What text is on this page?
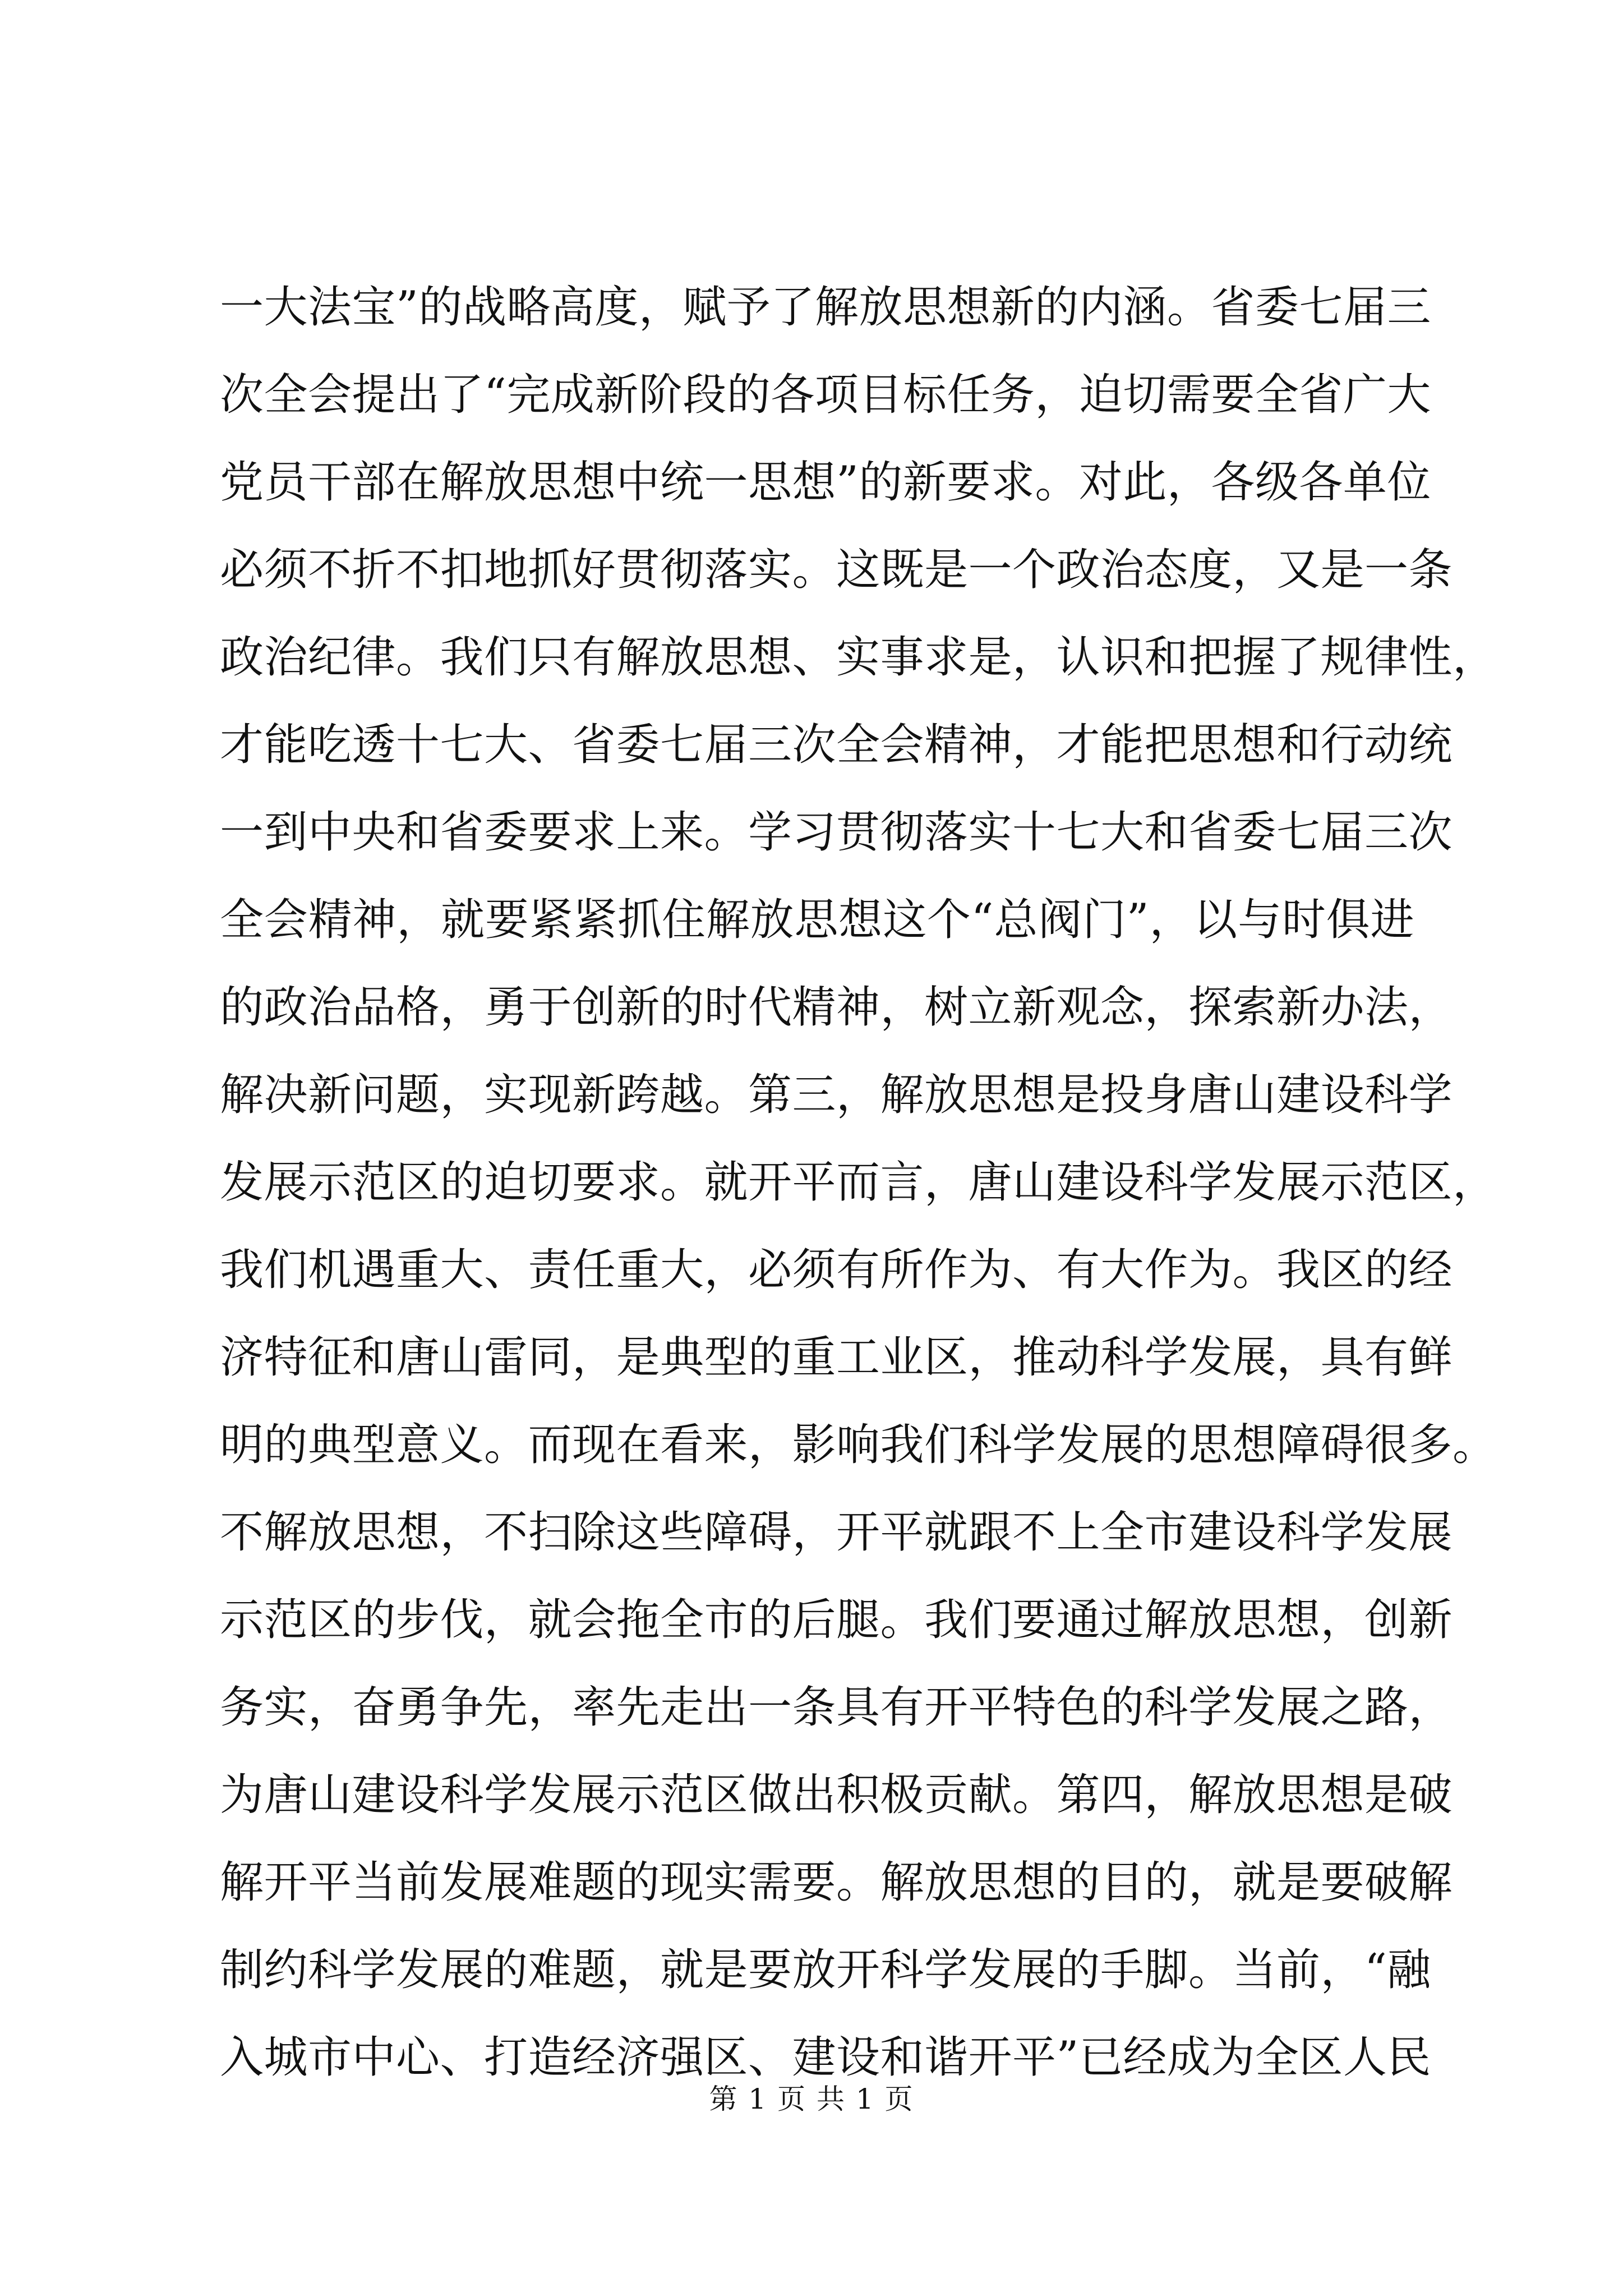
一大法宝”的战略高度，赋予了解放思想新的内涵。省委七届三
次全会提出了“完成新阶段的各项目标任务，迫切需要全省广大
党员干部在解放思想中统一思想”的新要求。对此，各级各单位
必须不折不扣地抓好贯彻落实。这既是一个政治态度，又是一条
政治纪律。我们只有解放思想、实事求是，认识和把握了规律性，
才能吃透十七大、省委七届三次全会精神，才能把思想和行动统
一到中央和省委要求上来。学习贯彻落实十七大和省委七届三次
全会精神，就要紧紧抓住解放思想这个“总阀门”，以与时俱进
的政治品格，勇于创新的时代精神，树立新观念，探索新办法，
解决新问题，实现新跨越。第三，解放思想是投身唐山建设科学
发展示范区的迫切要求。就开平而言，唐山建设科学发展示范区，
我们机遇重大、责任重大，必须有所作为、有大作为。我区的经
济特征和唐山雷同，是典型的重工业区，推动科学发展，具有鲜
明的典型意义。而现在看来，影响我们科学发展的思想障碍很多。
不解放思想，不扫除这些障碍，开平就跟不上全市建设科学发展
示范区的步伐，就会拖全市的后腿。我们要通过解放思想，创新
务实，奋勇争先，率先走出一条具有开平特色的科学发展之路，
为唐山建设科学发展示范区做出积极贡献。第四，解放思想是破
解开平当前发展难题的现实需要。解放思想的目的，就是要破解
制约科学发展的难题，就是要放开科学发展的手脚。当前，“融
入城市中心、打造经济强区、建设和谐开平”已经成为全区人民
第 1 页 共 1 页
